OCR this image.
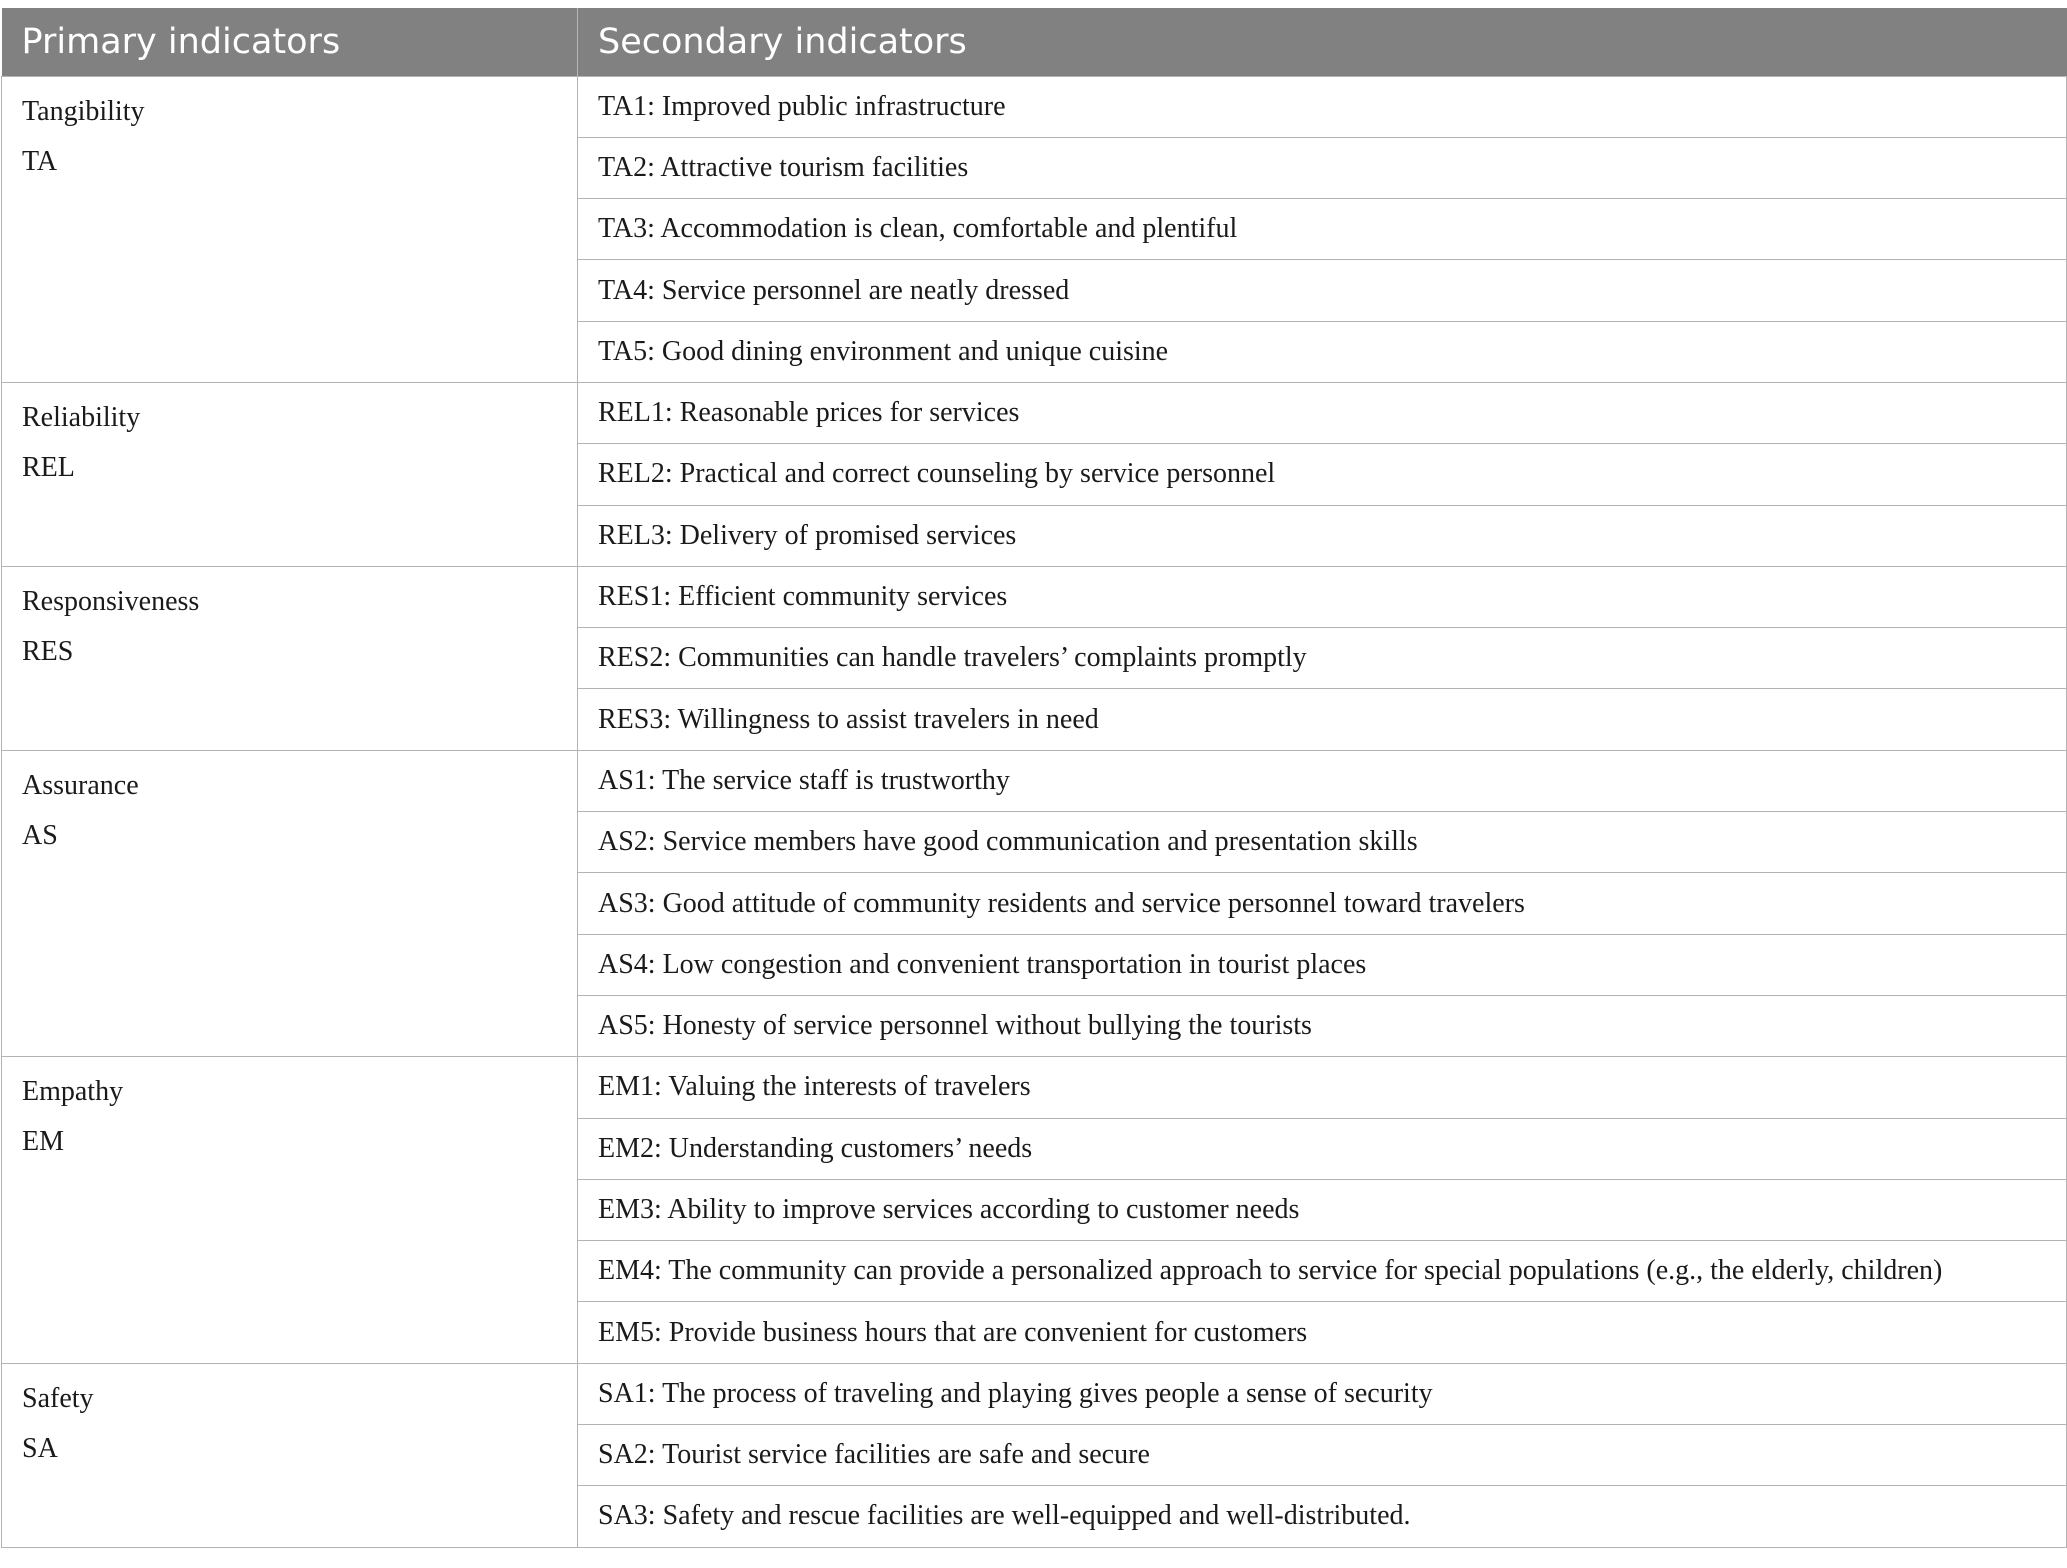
Primary indicators	Secondary indicators

Tangibility
TA	TA1: Improved public infrastructure
	TA2: Attractive tourism facilities
	TA3: Accommodation is clean, comfortable and plentiful
	TA4: Service personnel are neatly dressed
	TA5: Good dining environment and unique cuisine

Reliability
REL	REL1: Reasonable prices for services
	REL2: Practical and correct counseling by service personnel
	REL3: Delivery of promised services

Responsiveness
RES	RES1: Efficient community services
	RES2: Communities can handle travelers’ complaints promptly
	RES3: Willingness to assist travelers in need

Assurance
AS	AS1: The service staff is trustworthy
	AS2: Service members have good communication and presentation skills
	AS3: Good attitude of community residents and service personnel toward travelers
	AS4: Low congestion and convenient transportation in tourist places
	AS5: Honesty of service personnel without bullying the tourists

Empathy
EM	EM1: Valuing the interests of travelers
	EM2: Understanding customers’ needs
	EM3: Ability to improve services according to customer needs
	EM4: The community can provide a personalized approach to service for special populations (e.g., the elderly, children)
	EM5: Provide business hours that are convenient for customers

Safety
SA	SA1: The process of traveling and playing gives people a sense of security
	SA2: Tourist service facilities are safe and secure
	SA3: Safety and rescue facilities are well-equipped and well-distributed.
